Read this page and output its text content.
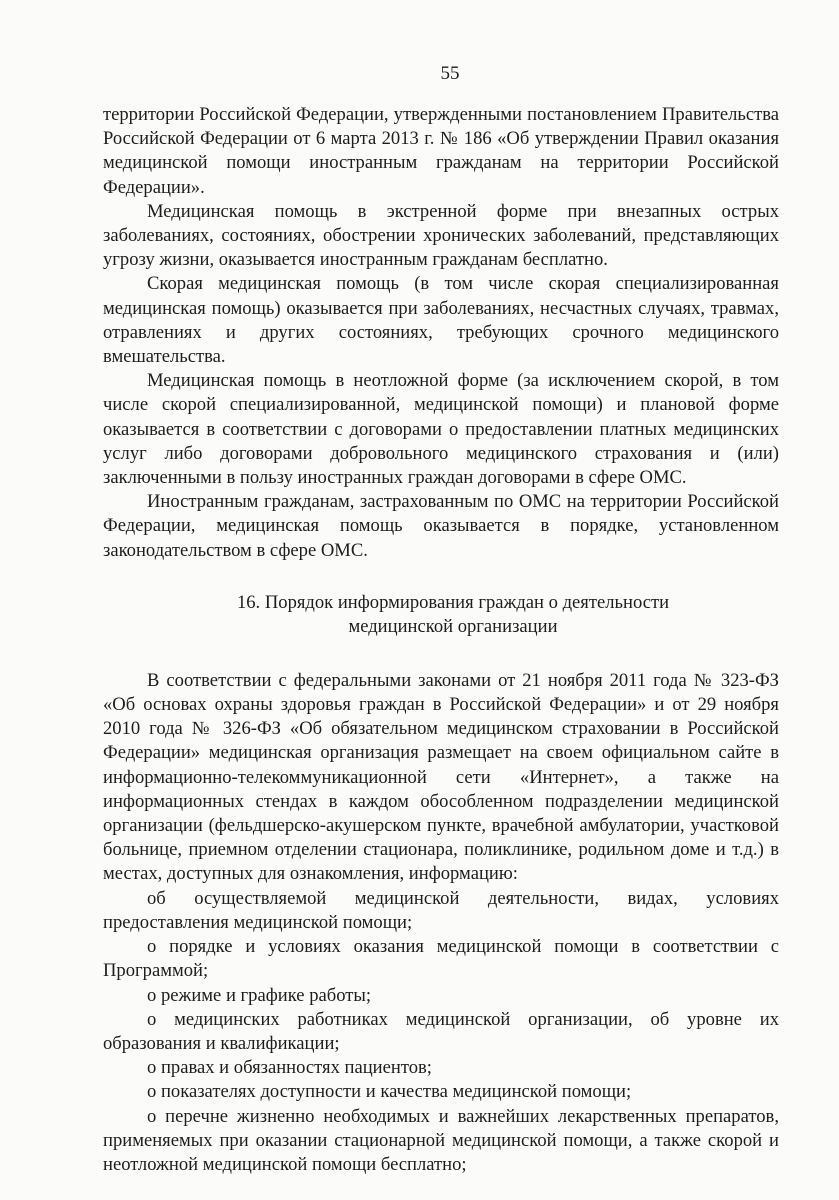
55

территории Российской Федерации, утвержденными постановлением Правительства Российской Федерации от 6 марта 2013 г. № 186 «Об утверждении Правил оказания медицинской помощи иностранным гражданам на территории Российской Федерации».

Медицинская помощь в экстренной форме при внезапных острых заболеваниях, состояниях, обострении хронических заболеваний, представляющих угрозу жизни, оказывается иностранным гражданам бесплатно.

Скорая медицинская помощь (в том числе скорая специализированная медицинская помощь) оказывается при заболеваниях, несчастных случаях, травмах, отравлениях и других состояниях, требующих срочного медицинского вмешательства.

Медицинская помощь в неотложной форме (за исключением скорой, в том числе скорой специализированной, медицинской помощи) и плановой форме оказывается в соответствии с договорами о предоставлении платных медицинских услуг либо договорами добровольного медицинского страхования и (или) заключенными в пользу иностранных граждан договорами в сфере ОМС.

Иностранным гражданам, застрахованным по ОМС на территории Российской Федерации, медицинская помощь оказывается в порядке, установленном законодательством в сфере ОМС.

16. Порядок информирования граждан о деятельности
медицинской организации

В соответствии с федеральными законами от 21 ноября 2011 года № 323-ФЗ «Об основах охраны здоровья граждан в Российской Федерации» и от 29 ноября 2010 года № 326-ФЗ «Об обязательном медицинском страховании в Российской Федерации» медицинская организация размещает на своем официальном сайте в информационно-телекоммуникационной сети «Интернет», а также на информационных стендах в каждом обособленном подразделении медицинской организации (фельдшерско-акушерском пункте, врачебной амбулатории, участковой больнице, приемном отделении стационара, поликлинике, родильном доме и т.д.) в местах, доступных для ознакомления, информацию:

об осуществляемой медицинской деятельности, видах, условиях предоставления медицинской помощи;

о порядке и условиях оказания медицинской помощи в соответствии с Программой;

о режиме и графике работы;

о медицинских работниках медицинской организации, об уровне их образования и квалификации;

о правах и обязанностях пациентов;

о показателях доступности и качества медицинской помощи;

о перечне жизненно необходимых и важнейших лекарственных препаратов, применяемых при оказании стационарной медицинской помощи, а также скорой и неотложной медицинской помощи бесплатно;
